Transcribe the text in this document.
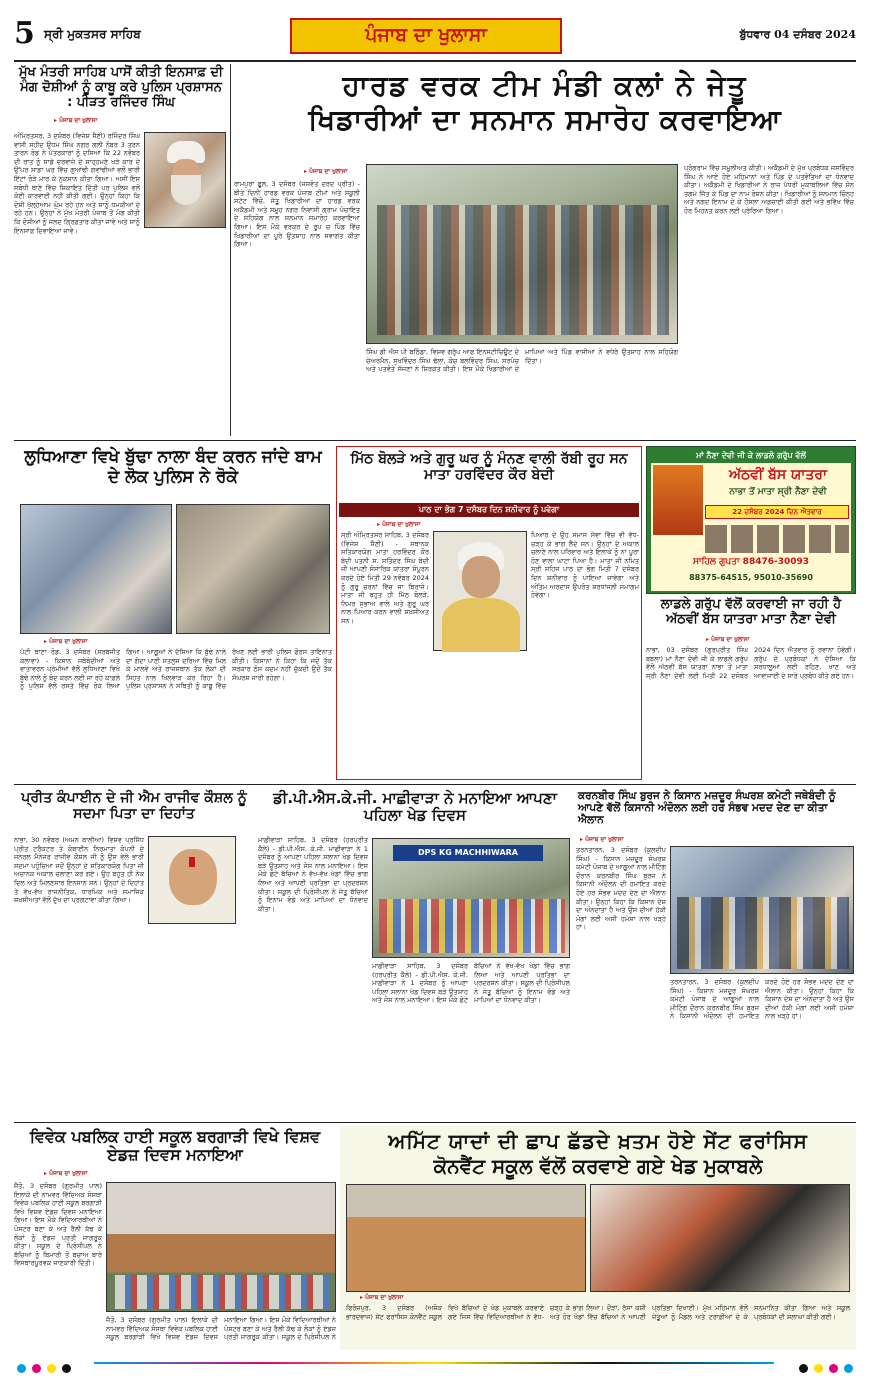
5 ਸ੍ਰੀ ਮੁਕਤਸਰ ਸਾਹਿਬ	ਪੰਜਾਬ ਦਾ ਖੁਲਾਸਾ	ਬੁੱਧਵਾਰ 04 ਦਸੰਬਰ 2024
ਮੁੱਖ ਮੰਤਰੀ ਸਾਹਿਬ ਪਾਸੋਂ ਕੀਤੀ ਇਨਸਾਫ਼ ਦੀ ਮੰਗ ਦੋਸ਼ੀਆਂ ਨੂੰ ਕਾਬੂ ਕਰੇ ਪੁਲਿਸ ਪ੍ਰਸ਼ਾਸਨ : ਪੀੜਤ ਰਜਿੰਦਰ ਸਿੰਘ
▸ ਪੰਜਾਬ ਦਾ ਖੁਲਾਸਾ
ਅੰਮ੍ਰਿਤਸਰ, 3 ਦਸੰਬਰ (ਵਿਜੇਸ਼ ਸੈਣੀ) ਰਜਿੰਦਰ ਸਿੰਘ ਵਾਸੀ ਸਹੀਦ ਉਧਮ ਸਿੰਘ ਨਗਰ ਗਲੀ ਨੰਬਰ 3 ਤਰਨ ਤਾਰਨ ਰੋਡ ਨੇ ਪੱਤਰਕਾਰਾਂ ਨੂੰ ਦਸਿਆ ਕਿ 22 ਨਵੰਬਰ ਦੀ ਰਾਤ ਨੂੰ ਸਾਡੇ ਦਰਵਾਜ਼ੇ ਦੇ ਸਾਹ੍ਹਮਣੇ ਖੜੇ ਕਾਰ ਦੇ ਉੱਪਰ ਸਾਡਾ ਘਰ ਵਿੱਚ ਗੁਆਂਢੀ ਗਵਾਂਢੀਆਂ ਵਲੋਂ ਭਾਰੀ ਇੱਟਾਂ ਰੋੜੇ ਮਾਰ ਕੇ ਨੁਕਸਾਨ ਕੀਤਾ ਗਿਆ। ਅਸੀਂ ਇਸ ਸਬੰਧੀ ਥਾਣੇ ਵਿੱਚ ਸ਼ਿਕਾਇਤ ਦਿੱਤੀ ਪਰ ਪੁਲਿਸ ਵਲੋਂ ਕੋਈ ਕਾਰਵਾਈ ਨਹੀਂ ਕੀਤੀ ਗਈ। ਉਨ੍ਹਾਂ ਕਿਹਾ ਕਿ ਦੋਸ਼ੀ ਖੁੱਲ੍ਹੇਆਮ ਘੁੰਮ ਰਹੇ ਹਨ ਅਤੇ ਸਾਨੂੰ ਧਮਕੀਆਂ ਦੇ ਰਹੇ ਹਨ। ਉਨ੍ਹਾਂ ਨੇ ਮੁੱਖ ਮੰਤਰੀ ਪੰਜਾਬ ਤੋਂ ਮੰਗ ਕੀਤੀ ਕਿ ਦੋਸ਼ੀਆਂ ਨੂੰ ਜਲਦ ਗ੍ਰਿਫ਼ਤਾਰ ਕੀਤਾ ਜਾਵੇ ਅਤੇ ਸਾਨੂੰ ਇਨਸਾਫ਼ ਦਿਵਾਇਆ ਜਾਵੇ।
ਹਾਰਡ ਵਰਕ ਟੀਮ ਮੰਡੀ ਕਲਾਂ ਨੇ ਜੇਤੂ
ਖਿਡਾਰੀਆਂ ਦਾ ਸਨਮਾਨ ਸਮਾਰੋਹ ਕਰਵਾਇਆ
▸ ਪੰਜਾਬ ਦਾ ਖੁਲਾਸਾ
ਰਾਮਪੁਰਾ ਫੂਲ, 3 ਦਸੰਬਰ (ਜਸਵੰਤ ਦਰਦ ਪ੍ਰੀਤ) - ਬੀਤੇ ਦਿਨੀਂ ਹਾਰਡ ਵਰਕ ਪੰਜਾਬ ਟੀਮਾਂ ਅਤੇ ਸਕੂਲੀ ਸਟੇਟ ਵਿੱਚੋਂ, ਜੇਤੂ ਖਿਡਾਰੀਆਂ ਦਾ ਹਾਰਡ ਵਰਕ ਅਕੈਡਮੀ ਅਤੇ ਸਮੂਹ ਨਗਰ ਨਿਵਾਸੀ ਗ੍ਰਾਮ ਪੰਚਾਇਤ ਦੇ ਸਹਿਯੋਗ ਨਾਲ ਸਨਮਾਨ ਸਮਾਰੋਹ ਕਰਵਾਇਆ ਗਿਆ। ਇਸ ਮੌਕੇ ਵਰਕਰ ਦੇ ਰੂਪ ਚ ਪਿੰਡ ਵਿੱਚ ਖਿਡਾਰੀਆਂ ਦਾ ਪੂਰੇ ਉਤਸ਼ਾਹ ਨਾਲ ਸਵਾਗਤ ਕੀਤਾ ਗਿਆ।
ਸਿੰਘ ਡੀ ਐਸ ਪੀ ਬਠਿੰਡਾ, ਵਿਸ਼ਵ ਗਰੁੱਪ ਆਫ ਇਨਸਟੀਚਿਊਟ ਦੇ ਚੇਅਰਮੈਨ, ਸੁਖਵਿੰਦਰ ਸਿੰਘ ਢੱਲਾਂ, ਕੋਚ ਬਲਵਿੰਦਰ ਸਿੰਘ, ਸਰਪੰਚ ਅਤੇ ਪਤਵੰਤੇ ਸੱਜਣਾਂ ਨੇ ਸ਼ਿਰਕਤ ਕੀਤੀ। ਇਸ ਮੌਕੇ ਖਿਡਾਰੀਆਂ ਦੇ ਮਾਪਿਆਂ ਅਤੇ ਪਿੰਡ ਵਾਸੀਆਂ ਨੇ ਵਧੇਰੇ ਉਤਸ਼ਾਹ ਨਾਲ ਸਹਿਯੋਗ ਦਿੱਤਾ।
ਪ੍ਰੋਗਰਾਮ ਵਿੱਚ ਸਮੂਲੀਅਤ ਕੀਤੀ। ਅਕੈਡਮੀ ਦੇ ਮੁੱਖ ਪ੍ਰਬੰਧਕ ਜਸਵਿੰਦਰ ਸਿੰਘ ਨੇ ਆਏ ਹੋਏ ਮਹਿਮਾਨਾਂ ਅਤੇ ਪਿੰਡ ਦੇ ਪਤਵੰਤਿਆਂ ਦਾ ਧੰਨਵਾਦ ਕੀਤਾ। ਅਕੈਡਮੀ ਦੇ ਖਿਡਾਰੀਆਂ ਨੇ ਰਾਜ ਪੱਧਰੀ ਮੁਕਾਬਲਿਆਂ ਵਿੱਚ ਸੋਨ ਤਗਮੇ ਜਿੱਤ ਕੇ ਪਿੰਡ ਦਾ ਨਾਮ ਰੋਸ਼ਨ ਕੀਤਾ। ਖਿਡਾਰੀਆਂ ਨੂੰ ਸਨਮਾਨ ਚਿੰਨ੍ਹ ਅਤੇ ਨਗਦ ਇਨਾਮ ਦੇ ਕੇ ਹੌਸਲਾ ਅਫ਼ਜ਼ਾਈ ਕੀਤੀ ਗਈ ਅਤੇ ਭਵਿੱਖ ਵਿੱਚ ਹੋਰ ਮਿਹਨਤ ਕਰਨ ਲਈ ਪ੍ਰੇਰਿਆ ਗਿਆ।
ਲੁਧਿਆਣਾ ਵਿਖੇ ਬੁੱਢਾ ਨਾਲਾ ਬੰਦ ਕਰਨ ਜਾਂਦੇ ਬਾਮ ਦੇ ਲੋਕ ਪੁਲਿਸ ਨੇ ਰੋਕੇ
▸ ਪੰਜਾਬ ਦਾ ਖੁਲਾਸਾ
ਪੱਟੀ ਥਾਣਾ ਰੋਡ, 3 ਦਸੰਬਰ (ਸਰਬਜੀਤ ਕਲਾਵਾ) - ਕਿਸਾਨ ਜਥੇਬੰਦੀਆਂ ਅਤੇ ਵਾਤਾਵਰਨ ਪ੍ਰੇਮੀਆਂ ਵੱਲੋਂ ਲੁਧਿਆਣਾ ਵਿਖੇ ਬੁੱਢੇ ਨਾਲੇ ਨੂੰ ਬੰਦ ਕਰਨ ਲਈ ਜਾ ਰਹੇ ਕਾਫ਼ਲੇ ਨੂੰ ਪੁਲਿਸ ਵੱਲੋਂ ਰਸਤੇ ਵਿੱਚ ਰੋਕ ਲਿਆ ਗਿਆ। ਆਗੂਆਂ ਨੇ ਦੱਸਿਆ ਕਿ ਬੁੱਢੇ ਨਾਲੇ ਦਾ ਗੰਦਾ ਪਾਣੀ ਸਤਲੁਜ ਦਰਿਆ ਵਿੱਚ ਮਿਲ ਕੇ ਮਾਲਵੇ ਅਤੇ ਰਾਜਸਥਾਨ ਤੱਕ ਲੋਕਾਂ ਦੀ ਸਿਹਤ ਨਾਲ ਖਿਲਵਾੜ ਕਰ ਰਿਹਾ ਹੈ। ਪੁਲਿਸ ਪ੍ਰਸ਼ਾਸਨ ਨੇ ਸਥਿਤੀ ਨੂੰ ਕਾਬੂ ਵਿੱਚ ਰੱਖਣ ਲਈ ਭਾਰੀ ਪੁਲਿਸ ਫੋਰਸ ਤਾਇਨਾਤ ਕੀਤੀ। ਕਿਸਾਨਾਂ ਨੇ ਕਿਹਾ ਕਿ ਜਦੋਂ ਤੱਕ ਸਰਕਾਰ ਠੋਸ ਕਦਮ ਨਹੀਂ ਚੁੱਕਦੀ ਉਦੋਂ ਤੱਕ ਸੰਘਰਸ਼ ਜਾਰੀ ਰਹੇਗਾ।
ਮਿੱਠ ਬੋਲੜੇ ਅਤੇ ਗੁਰੂ ਘਰ ਨੂੰ ਮੰਨਣ ਵਾਲੀ ਰੱਬੀ ਰੂਹ ਸਨ ਮਾਤਾ ਹਰਵਿੰਦਰ ਕੌਰ ਬੇਦੀ
ਪਾਠ ਦਾ ਭੋਗ 7 ਦਸੰਬਰ ਦਿਨ ਸ਼ਨੀਵਾਰ ਨੂੰ ਪਵੇਗਾ
▸ ਪੰਜਾਬ ਦਾ ਖੁਲਾਸਾ
ਸ੍ਰੀ ਅੰਮ੍ਰਿਤਸਰ ਸਾਹਿਬ, 3 ਦਸੰਬਰ (ਵਿਜੇਸ਼ ਸੈਣੀ) - ਸਥਾਨਕ ਸਤਿਕਾਰਯੋਗ ਮਾਤਾ ਹਰਵਿੰਦਰ ਕੌਰ ਬੇਦੀ ਪਤਨੀ ਸ. ਸਤਿੰਦਰ ਸਿੰਘ ਬੇਦੀ ਜੀ ਆਪਣੀ ਸੰਸਾਰਿਕ ਯਾਤਰਾ ਸੰਪੂਰਨ ਕਰਦੇ ਹੋਏ ਮਿਤੀ 29 ਨਵੰਬਰ 2024 ਨੂੰ ਗੁਰੂ ਚਰਨਾਂ ਵਿੱਚ ਜਾ ਬਿਰਾਜੇ। ਮਾਤਾ ਜੀ ਬਹੁਤ ਹੀ ਮਿੱਠ ਬੋਲੜੇ, ਨਿਮਰ ਸੁਭਾਅ ਵਾਲੇ ਅਤੇ ਗੁਰੂ ਘਰ ਨਾਲ ਪਿਆਰ ਕਰਨ ਵਾਲੀ ਸ਼ਖ਼ਸੀਅਤ ਸਨ।
ਪਿਆਰ ਦੇ ਉਹ ਸਮਾਜ ਸੇਵਾ ਵਿੱਚ ਵੀ ਵੱਧ-ਚੜ੍ਹ ਕੇ ਭਾਗ ਲੈਂਦੇ ਸਨ। ਉਨ੍ਹਾਂ ਦੇ ਅਕਾਲ ਚਲਾਣੇ ਨਾਲ ਪਰਿਵਾਰ ਅਤੇ ਇਲਾਕੇ ਨੂੰ ਨਾ ਪੂਰਾ ਹੋਣ ਵਾਲਾ ਘਾਟਾ ਪਿਆ ਹੈ। ਮਾਤਾ ਜੀ ਨਮਿਤ ਸ੍ਰੀ ਸਹਿਜ ਪਾਠ ਦਾ ਭੋਗ ਮਿਤੀ 7 ਦਸੰਬਰ ਦਿਨ ਸ਼ਨੀਵਾਰ ਨੂੰ ਪਾਇਆ ਜਾਵੇਗਾ ਅਤੇ ਅੰਤਿਮ ਅਰਦਾਸ ਉਪਰੰਤ ਸ਼ਰਧਾਂਜਲੀ ਸਮਾਗਮ ਹੋਵੇਗਾ।
ਮਾਂ ਨੈਣਾ ਦੇਵੀ ਜੀ ਕੇ ਲਾਡਲੇ ਗਰੁੱਪ ਵੱਲੋਂ
ਅੱਠਵੀਂ ਬੱਸ ਯਾਤਰਾ
ਨਾਭਾ ਤੋਂ ਮਾਤਾ ਸ੍ਰੀ ਨੈਣਾ ਦੇਵੀ
22 ਦਸੰਬਰ 2024 ਦਿਨ ਐਤਵਾਰ
ਸਾਹਿਲ ਗੁਪਤਾ 88476-30093
88375-64515, 95010-35690
ਲਾਡਲੇ ਗਰੁੱਪ ਵੱਲੋਂ ਕਰਵਾਈ ਜਾ ਰਹੀ ਹੈ ਅੱਠਵੀਂ ਬੱਸ ਯਾਤਰਾ ਮਾਤਾ ਨੈਣਾ ਦੇਵੀ
▸ ਪੰਜਾਬ ਦਾ ਖੁਲਾਸਾ
ਨਾਭਾ, 03 ਦਸੰਬਰ (ਗੁਰਪ੍ਰੀਤ ਸਿੰਘ ਬਬਲਾ) ਮਾਂ ਨੈਣਾ ਦੇਵੀ ਜੀ ਕੇ ਲਾਡਲੇ ਗਰੁੱਪ ਵੱਲੋਂ ਅੱਠਵੀਂ ਬੱਸ ਯਾਤਰਾ ਨਾਭਾ ਤੋਂ ਮਾਤਾ ਸ੍ਰੀ ਨੈਣਾ ਦੇਵੀ ਲਈ ਮਿਤੀ 22 ਦਸੰਬਰ 2024 ਦਿਨ ਐਤਵਾਰ ਨੂੰ ਰਵਾਨਾ ਹੋਵੇਗੀ। ਗਰੁੱਪ ਦੇ ਪ੍ਰਬੰਧਕਾਂ ਨੇ ਦੱਸਿਆ ਕਿ ਸ਼ਰਧਾਲੂਆਂ ਲਈ ਰਹਿਣ, ਖਾਣ ਅਤੇ ਆਵਾਜਾਈ ਦੇ ਸਾਰੇ ਪ੍ਰਬੰਧ ਕੀਤੇ ਗਏ ਹਨ।
ਪ੍ਰੀਤ ਕੰਪਾਈਨ ਦੇ ਜੀ ਐਮ ਰਾਜੀਵ ਕੌਸ਼ਲ ਨੂੰ ਸਦਮਾ ਪਿਤਾ ਦਾ ਦਿਹਾਂਤ
ਨਾਭਾ, 30 ਨਵੰਬਰ (ਅਮਨ ਬਾਲੀਆ) ਵਿਸ਼ਵ ਪ੍ਰਸਿੱਧ ਪ੍ਰੀਤ ਟਰੈਕਟਰ ਤੇ ਕੰਬਾਈਨ ਨਿਰਮਾਤਾ ਕੰਪਨੀ ਦੇ ਜਨਰਲ ਮੈਨੇਜਰ ਰਾਜੀਵ ਕੌਸ਼ਲ ਜੀ ਨੂੰ ਉਸ ਵੇਲੇ ਭਾਰੀ ਸਦਮਾ ਪਹੁੰਚਿਆ ਜਦੋਂ ਉਨ੍ਹਾਂ ਦੇ ਸਤਿਕਾਰਯੋਗ ਪਿਤਾ ਜੀ ਅਚਾਨਕ ਅਕਾਲ ਚਲਾਣਾ ਕਰ ਗਏ। ਉਹ ਬਹੁਤ ਹੀ ਨੇਕ ਦਿਲ ਅਤੇ ਮਿਲਣਸਾਰ ਇਨਸਾਨ ਸਨ। ਉਨ੍ਹਾਂ ਦੇ ਦਿਹਾਂਤ ਤੇ ਵੱਖ-ਵੱਖ ਰਾਜਨੀਤਿਕ, ਧਾਰਮਿਕ ਅਤੇ ਸਮਾਜਿਕ ਸ਼ਖ਼ਸੀਅਤਾਂ ਵੱਲੋਂ ਦੁੱਖ ਦਾ ਪ੍ਰਗਟਾਵਾ ਕੀਤਾ ਗਿਆ।
ਡੀ.ਪੀ.ਐਸ.ਕੇ.ਜੀ. ਮਾਛੀਵਾੜਾ ਨੇ ਮਨਾਇਆ ਆਪਣਾ ਪਹਿਲਾ ਖੇਡ ਦਿਵਸ
ਮਾਛੀਵਾੜਾ ਸਾਹਿਬ, 3 ਦਸੰਬਰ (ਹਰਪ੍ਰੀਤ ਕੈਲੇ) - ਡੀ.ਪੀ.ਐਸ. ਕੇ.ਜੀ. ਮਾਛੀਵਾੜਾ ਨੇ 1 ਦਸੰਬਰ ਨੂੰ ਆਪਣਾ ਪਹਿਲਾ ਸਲਾਨਾ ਖੇਡ ਦਿਵਸ ਬੜੇ ਉਤਸ਼ਾਹ ਅਤੇ ਜੋਸ਼ ਨਾਲ ਮਨਾਇਆ। ਇਸ ਮੌਕੇ ਛੋਟੇ ਬੱਚਿਆਂ ਨੇ ਵੱਖ-ਵੱਖ ਖੇਡਾਂ ਵਿੱਚ ਭਾਗ ਲਿਆ ਅਤੇ ਆਪਣੀ ਪ੍ਰਤਿਭਾ ਦਾ ਪ੍ਰਦਰਸ਼ਨ ਕੀਤਾ। ਸਕੂਲ ਦੀ ਪ੍ਰਿੰਸੀਪਲ ਨੇ ਜੇਤੂ ਬੱਚਿਆਂ ਨੂੰ ਇਨਾਮ ਵੰਡੇ ਅਤੇ ਮਾਪਿਆਂ ਦਾ ਧੰਨਵਾਦ ਕੀਤਾ।
DPS KG MACHHIWARA
ਮਾਛੀਵਾੜਾ ਸਾਹਿਬ, 3 ਦਸੰਬਰ (ਹਰਪ੍ਰੀਤ ਕੈਲੇ) - ਡੀ.ਪੀ.ਐਸ. ਕੇ.ਜੀ. ਮਾਛੀਵਾੜਾ ਨੇ 1 ਦਸੰਬਰ ਨੂੰ ਆਪਣਾ ਪਹਿਲਾ ਸਲਾਨਾ ਖੇਡ ਦਿਵਸ ਬੜੇ ਉਤਸ਼ਾਹ ਅਤੇ ਜੋਸ਼ ਨਾਲ ਮਨਾਇਆ। ਇਸ ਮੌਕੇ ਛੋਟੇ ਬੱਚਿਆਂ ਨੇ ਵੱਖ-ਵੱਖ ਖੇਡਾਂ ਵਿੱਚ ਭਾਗ ਲਿਆ ਅਤੇ ਆਪਣੀ ਪ੍ਰਤਿਭਾ ਦਾ ਪ੍ਰਦਰਸ਼ਨ ਕੀਤਾ। ਸਕੂਲ ਦੀ ਪ੍ਰਿੰਸੀਪਲ ਨੇ ਜੇਤੂ ਬੱਚਿਆਂ ਨੂੰ ਇਨਾਮ ਵੰਡੇ ਅਤੇ ਮਾਪਿਆਂ ਦਾ ਧੰਨਵਾਦ ਕੀਤਾ।
ਕਰਨਬੀਰ ਸਿੰਘ ਬੁਰਜ ਨੇ ਕਿਸਾਨ ਮਜ਼ਦੂਰ ਸੰਘਰਸ਼ ਕਮੇਟੀ ਜਥੇਬੰਦੀ ਨੂੰ ਆਪਣੇ ਵੱਲੋਂ ਕਿਸਾਨੀ ਅੰਦੋਲਨ ਲਈ ਹਰ ਸੰਭਵ ਮਦਦ ਦੇਣ ਦਾ ਕੀਤਾ ਐਲਾਨ
▸ ਪੰਜਾਬ ਦਾ ਖੁਲਾਸਾ
ਤਰਨਤਾਰਨ, 3 ਦਸੰਬਰ (ਕੁਲਦੀਪ ਸਿੰਘ) - ਕਿਸਾਨ ਮਜ਼ਦੂਰ ਸੰਘਰਸ਼ ਕਮੇਟੀ ਪੰਜਾਬ ਦੇ ਆਗੂਆਂ ਨਾਲ ਮੀਟਿੰਗ ਦੌਰਾਨ ਕਰਨਬੀਰ ਸਿੰਘ ਬੁਰਜ ਨੇ ਕਿਸਾਨੀ ਅੰਦੋਲਨ ਦੀ ਹਮਾਇਤ ਕਰਦੇ ਹੋਏ ਹਰ ਸੰਭਵ ਮਦਦ ਦੇਣ ਦਾ ਐਲਾਨ ਕੀਤਾ। ਉਨ੍ਹਾਂ ਕਿਹਾ ਕਿ ਕਿਸਾਨ ਦੇਸ਼ ਦਾ ਅੰਨਦਾਤਾ ਹੈ ਅਤੇ ਉਸ ਦੀਆਂ ਹੱਕੀ ਮੰਗਾਂ ਲਈ ਅਸੀਂ ਹਮੇਸ਼ਾ ਨਾਲ ਖੜ੍ਹੇ ਹਾਂ।
ਤਰਨਤਾਰਨ, 3 ਦਸੰਬਰ (ਕੁਲਦੀਪ ਸਿੰਘ) - ਕਿਸਾਨ ਮਜ਼ਦੂਰ ਸੰਘਰਸ਼ ਕਮੇਟੀ ਪੰਜਾਬ ਦੇ ਆਗੂਆਂ ਨਾਲ ਮੀਟਿੰਗ ਦੌਰਾਨ ਕਰਨਬੀਰ ਸਿੰਘ ਬੁਰਜ ਨੇ ਕਿਸਾਨੀ ਅੰਦੋਲਨ ਦੀ ਹਮਾਇਤ ਕਰਦੇ ਹੋਏ ਹਰ ਸੰਭਵ ਮਦਦ ਦੇਣ ਦਾ ਐਲਾਨ ਕੀਤਾ। ਉਨ੍ਹਾਂ ਕਿਹਾ ਕਿ ਕਿਸਾਨ ਦੇਸ਼ ਦਾ ਅੰਨਦਾਤਾ ਹੈ ਅਤੇ ਉਸ ਦੀਆਂ ਹੱਕੀ ਮੰਗਾਂ ਲਈ ਅਸੀਂ ਹਮੇਸ਼ਾ ਨਾਲ ਖੜ੍ਹੇ ਹਾਂ।
ਵਿਵੇਕ ਪਬਲਿਕ ਹਾਈ ਸਕੂਲ ਬਰਗਾੜੀ ਵਿਖੇ ਵਿਸ਼ਵ ਏਡਜ਼ ਦਿਵਸ ਮਨਾਇਆ
▸ ਪੰਜਾਬ ਦਾ ਖੁਲਾਸਾ
ਜੈਤੋ, 3 ਦਸੰਬਰ (ਗੁਰਮੀਤ ਪਾਲ) ਇਲਾਕੇ ਦੀ ਨਾਮਵਰ ਵਿੱਦਿਅਕ ਸੰਸਥਾ ਵਿਵੇਕ ਪਬਲਿਕ ਹਾਈ ਸਕੂਲ ਬਰਗਾੜੀ ਵਿਖੇ ਵਿਸ਼ਵ ਏਡਜ਼ ਦਿਵਸ ਮਨਾਇਆ ਗਿਆ। ਇਸ ਮੌਕੇ ਵਿਦਿਆਰਥੀਆਂ ਨੇ ਪੋਸਟਰ ਬਣਾ ਕੇ ਅਤੇ ਰੈਲੀ ਕੱਢ ਕੇ ਲੋਕਾਂ ਨੂੰ ਏਡਜ਼ ਪ੍ਰਤੀ ਜਾਗਰੂਕ ਕੀਤਾ। ਸਕੂਲ ਦੇ ਪ੍ਰਿੰਸੀਪਲ ਨੇ ਬੱਚਿਆਂ ਨੂੰ ਬਿਮਾਰੀ ਤੋਂ ਬਚਾਅ ਬਾਰੇ ਵਿਸਥਾਰਪੂਰਵਕ ਜਾਣਕਾਰੀ ਦਿੱਤੀ।
ਜੈਤੋ, 3 ਦਸੰਬਰ (ਗੁਰਮੀਤ ਪਾਲ) ਇਲਾਕੇ ਦੀ ਨਾਮਵਰ ਵਿੱਦਿਅਕ ਸੰਸਥਾ ਵਿਵੇਕ ਪਬਲਿਕ ਹਾਈ ਸਕੂਲ ਬਰਗਾੜੀ ਵਿਖੇ ਵਿਸ਼ਵ ਏਡਜ਼ ਦਿਵਸ ਮਨਾਇਆ ਗਿਆ। ਇਸ ਮੌਕੇ ਵਿਦਿਆਰਥੀਆਂ ਨੇ ਪੋਸਟਰ ਬਣਾ ਕੇ ਅਤੇ ਰੈਲੀ ਕੱਢ ਕੇ ਲੋਕਾਂ ਨੂੰ ਏਡਜ਼ ਪ੍ਰਤੀ ਜਾਗਰੂਕ ਕੀਤਾ। ਸਕੂਲ ਦੇ ਪ੍ਰਿੰਸੀਪਲ ਨੇ
ਅਮਿੱਟ ਯਾਦਾਂ ਦੀ ਛਾਪ ਛੱਡਦੇ ਖ਼ਤਮ ਹੋਏ ਸੇਂਟ ਫਰਾਂਸਿਸ
ਕੋਨਵੈਂਟ ਸਕੂਲ ਵੱਲੋਂ ਕਰਵਾਏ ਗਏ ਖੇਡ ਮੁਕਾਬਲੇ
▸ ਪੰਜਾਬ ਦਾ ਖੁਲਾਸਾ
ਫਿਰੋਜ਼ਪੁਰ, 3 ਦਸੰਬਰ (ਅਸ਼ੋਕ ਭਾਰਦਵਾਜ) ਸੇਂਟ ਫਰਾਂਸਿਸ ਕੋਨਵੈਂਟ ਸਕੂਲ ਵਿਖੇ ਬੱਚਿਆਂ ਦੇ ਖੇਡ ਮੁਕਾਬਲੇ ਕਰਵਾਏ ਗਏ ਜਿਸ ਵਿੱਚ ਵਿਦਿਆਰਥੀਆਂ ਨੇ ਵੱਧ-ਚੜ੍ਹ ਕੇ ਭਾਗ ਲਿਆ। ਦੌੜਾਂ, ਰੱਸਾ ਕਸ਼ੀ ਅਤੇ ਹੋਰ ਖੇਡਾਂ ਵਿੱਚ ਬੱਚਿਆਂ ਨੇ ਆਪਣੀ ਪ੍ਰਤਿਭਾ ਦਿਖਾਈ। ਮੁੱਖ ਮਹਿਮਾਨ ਵੱਲੋਂ ਜੇਤੂਆਂ ਨੂੰ ਮੈਡਲ ਅਤੇ ਟਰਾਫ਼ੀਆਂ ਦੇ ਕੇ ਸਨਮਾਨਿਤ ਕੀਤਾ ਗਿਆ ਅਤੇ ਸਕੂਲ ਪ੍ਰਬੰਧਕਾਂ ਦੀ ਸ਼ਲਾਘਾ ਕੀਤੀ ਗਈ।
